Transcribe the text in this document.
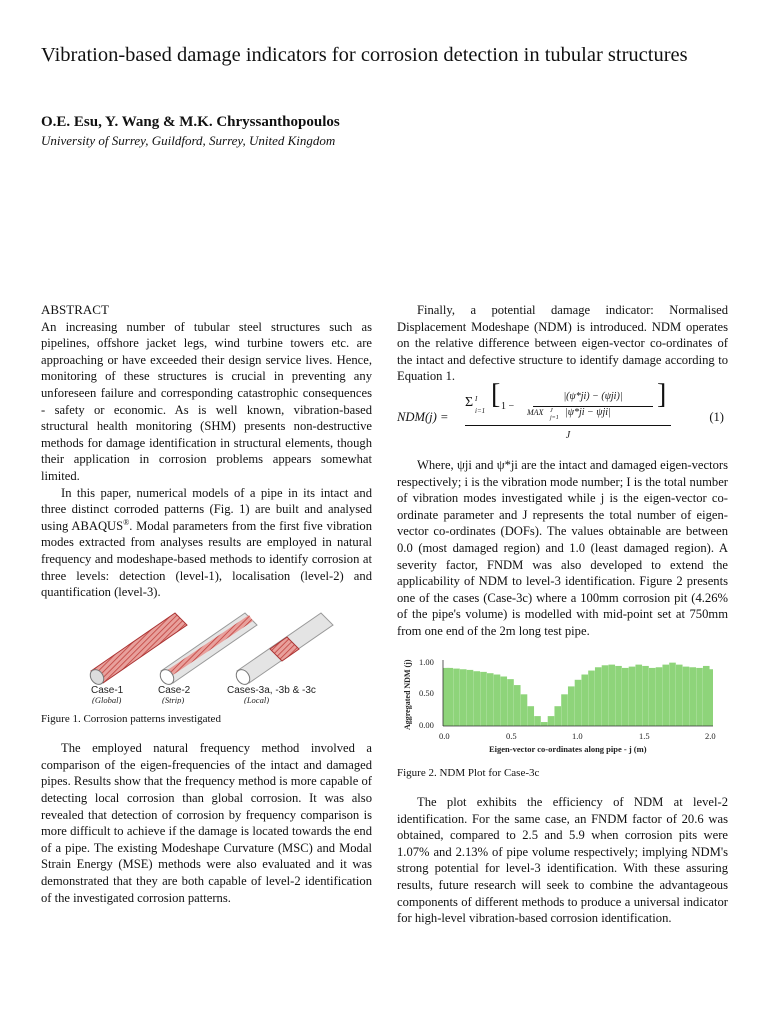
Vibration-based damage indicators for corrosion detection in tubular structures
O.E. Esu, Y. Wang & M.K. Chryssanthopoulos
University of Surrey, Guildford, Surrey, United Kingdom

ABSTRACT

An increasing number of tubular steel structures such as pipelines, offshore jacket legs, wind turbine towers etc. are approaching or have exceeded their design service lives. Hence, monitoring of these structures is crucial in preventing any unforeseen failure and corresponding catastrophic consequences - safety or economic. As is well known, vibration-based structural health monitoring (SHM) presents non-destructive methods for damage identification in structural elements, though their application in corrosion problems appears somewhat limited.

In this paper, numerical models of a pipe in its intact and three distinct corroded patterns (Fig. 1) are built and analysed using ABAQUS®. Modal parameters from the first five vibration modes extracted from analyses results are employed in natural frequency and modeshape-based methods to identify corrosion at three levels: detection (level-1), localisation (level-2) and quantification (level-3).

Case-1	Case-2	Cases-3a, -3b & -3c
(Global)	(Strip)	(Local)

Figure 1. Corrosion patterns investigated

The employed natural frequency method involved a comparison of the eigen-frequencies of the intact and damaged pipes. Results show that the frequency method is more capable of detecting local corrosion than global corrosion. It was also revealed that detection of corrosion by frequency comparison is more difficult to achieve if the damage is located towards the end of a pipe. The existing Modeshape Curvature (MSC) and Modal Strain Energy (MSE) methods were also evaluated and it was demonstrated that they are both capable of level-2 identification of the investigated corrosion patterns.

Finally, a potential damage indicator: Normalised Displacement Modeshape (NDM) is introduced. NDM operates on the relative difference between eigen-vector co-ordinates of the intact and defective structure to identify damage according to Equation 1.

NDM(j) =
Σ I
i=1
[ 1 −
|(ψ*ji) − (ψji)|
MAX J
j=1 |ψ*ji − ψji|
]
J
(1)

Where, ψji and ψ*ji are the intact and damaged eigen-vectors respectively; i is the vibration mode number; I is the total number of vibration modes investigated while j is the eigen-vector co-ordinate parameter and J represents the total number of eigen-vector co-ordinates (DOFs). The values obtainable are between 0.0 (most damaged region) and 1.0 (least damaged region). A severity factor, FNDM was also developed to extend the applicability of NDM to level-3 identification. Figure 2 presents one of the cases (Case-3c) where a 100mm corrosion pit (4.26% of the pipe's volume) is modelled with mid-point set at 750mm from one end of the 2m long test pipe.

1.00
0.50
0.00
0.0	0.5	1.0	1.5	2.0
Eigen-vector co-ordinates along pipe - j (m)
Aggregated NDM (j)

Figure 2. NDM Plot for Case-3c

The plot exhibits the efficiency of NDM at level-2 identification. For the same case, an FNDM factor of 20.6 was obtained, compared to 2.5 and 5.9 when corrosion pits were 1.07% and 2.13% of pipe volume respectively; implying NDM's strong potential for level-3 identification. With these assuring results, future research will seek to combine the advantageous components of different methods to produce a universal indicator for high-level vibration-based corrosion identification.
